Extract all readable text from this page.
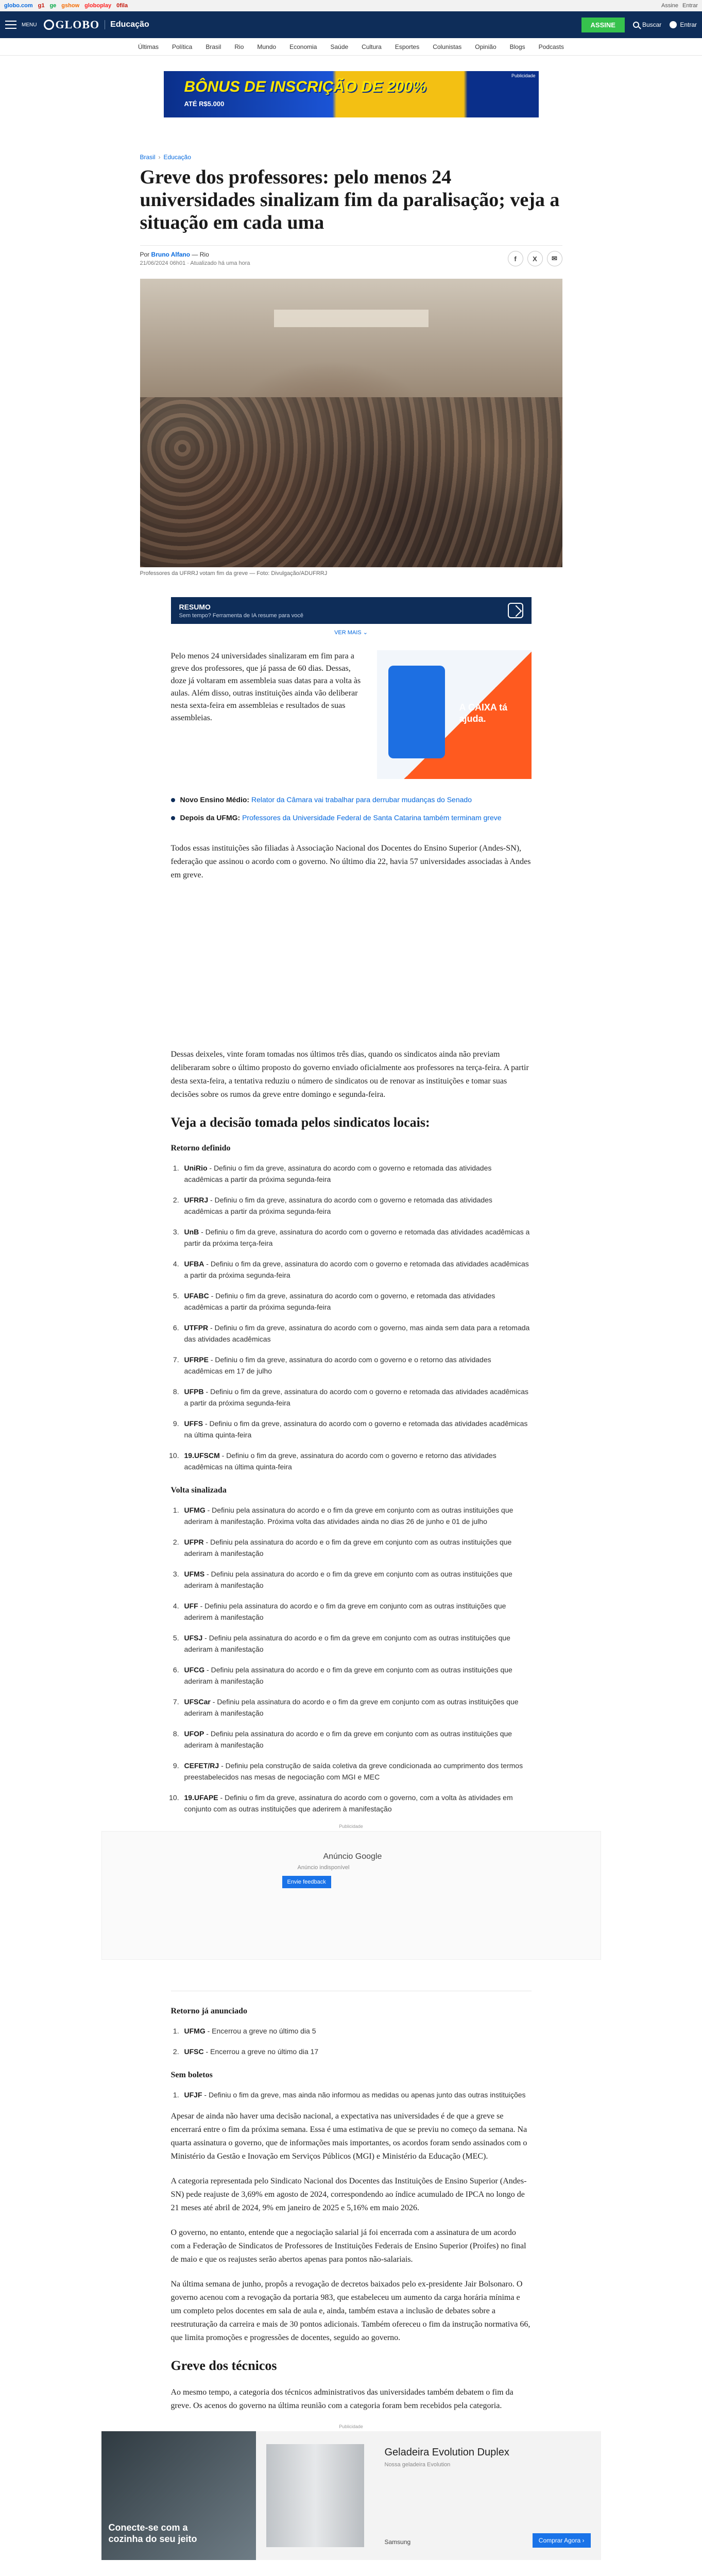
globo.com g1 ge gshow globoplay 0fila	Assine Entrar
MENU	GLOBO	Educação	ASSINE	Buscar	Entrar
Últimas Política Brasil Rio Mundo Economia Saúde Cultura Esportes Colunistas Opinião Blogs Podcasts
BÔNUS DE INSCRIÇÃO DE 200%
ATÉ R$5.000
Publicidade
Brasil › Educação
Greve dos professores: pelo menos 24 universidades sinalizam fim da paralisação; veja a situação em cada uma
Por Bruno Alfano — Rio
21/06/2024 06h01 · Atualizado há uma hora
f	X	✉

Professores da UFRRJ votam fim da greve — Foto: Divulgação/ADUFRRJ

RESUMO
Sem tempo? Ferramenta de IA resume para você
VER MAIS ⌄

Pelo menos 24 universidades sinalizaram em fim para a greve dos professores, que já passa de 60 dias. Dessas, doze já voltaram em assembleia suas datas para a volta às aulas. Além disso, outras instituições ainda vão deliberar nesta sexta-feira em assembleias e resultados de suas assembleias.

A CAIXA tá ajuda.
Novo Ensino Médio: Relator da Câmara vai trabalhar para derrubar mudanças do Senado
Depois da UFMG: Professores da Universidade Federal de Santa Catarina também terminam greve

Todos essas instituições são filiadas à Associação Nacional dos Docentes do Ensino Superior (Andes-SN), federação que assinou o acordo com o governo. No último dia 22, havia 57 universidades associadas à Andes em greve.

Dessas deixeles, vinte foram tomadas nos últimos três dias, quando os sindicatos ainda não previam deliberaram sobre o último proposto do governo enviado oficialmente aos professores na terça-feira. A partir desta sexta-feira, a tentativa reduziu o número de sindicatos ou de renovar as instituições e tomar suas decisões sobre os rumos da greve entre domingo e segunda-feira.

Veja a decisão tomada pelos sindicatos locais:
Retorno definido
1. UniRio - Definiu o fim da greve, assinatura do acordo com o governo e retomada das atividades acadêmicas a partir da próxima segunda-feira
2. UFRRJ - Definiu o fim da greve, assinatura do acordo com o governo e retomada das atividades acadêmicas a partir da próxima segunda-feira
3. UnB - Definiu o fim da greve, assinatura do acordo com o governo e retomada das atividades acadêmicas a partir da próxima terça-feira
4. UFBA - Definiu o fim da greve, assinatura do acordo com o governo e retomada das atividades acadêmicas a partir da próxima segunda-feira
5. UFABC - Definiu o fim da greve, assinatura do acordo com o governo, e retomada das atividades acadêmicas a partir da próxima segunda-feira
6. UTFPR - Definiu o fim da greve, assinatura do acordo com o governo, mas ainda sem data para a retomada das atividades acadêmicas
7. UFRPE - Definiu o fim da greve, assinatura do acordo com o governo e o retorno das atividades acadêmicas em 17 de julho
8. UFPB - Definiu o fim da greve, assinatura do acordo com o governo e retomada das atividades acadêmicas a partir da próxima segunda-feira
9. UFFS - Definiu o fim da greve, assinatura do acordo com o governo e retomada das atividades acadêmicas na última quinta-feira
10. 19.UFSCM - Definiu o fim da greve, assinatura do acordo com o governo e retorno das atividades acadêmicas na última quinta-feira
Volta sinalizada
1. UFMG - Definiu pela assinatura do acordo e o fim da greve em conjunto com as outras instituições que aderiram à manifestação. Próxima volta das atividades ainda no dias 26 de junho e 01 de julho
2. UFPR - Definiu pela assinatura do acordo e o fim da greve em conjunto com as outras instituições que aderiram à manifestação
3. UFMS - Definiu pela assinatura do acordo e o fim da greve em conjunto com as outras instituições que aderiram à manifestação
4. UFF - Definiu pela assinatura do acordo e o fim da greve em conjunto com as outras instituições que aderirem à manifestação
5. UFSJ - Definiu pela assinatura do acordo e o fim da greve em conjunto com as outras instituições que aderiram à manifestação
6. UFCG - Definiu pela assinatura do acordo e o fim da greve em conjunto com as outras instituições que aderiram à manifestação
7. UFSCar - Definiu pela assinatura do acordo e o fim da greve em conjunto com as outras instituições que aderiram à manifestação
8. UFOP - Definiu pela assinatura do acordo e o fim da greve em conjunto com as outras instituições que aderiram à manifestação
9. CEFET/RJ - Definiu pela construção de saída coletiva da greve condicionada ao cumprimento dos termos preestabelecidos nas mesas de negociação com MGI e MEC
10. 19.UFAPE - Definiu o fim da greve, assinatura do acordo com o governo, com a volta às atividades em conjunto com as outras instituições que aderirem à manifestação
Publicidade
Anúncio Google
Anúncio indisponível
Envie feedback
Retorno já anunciado
1. UFMG - Encerrou a greve no último dia 5
2. UFSC - Encerrou a greve no último dia 17
Sem boletos
1. UFJF - Definiu o fim da greve, mas ainda não informou as medidas ou apenas junto das outras instituições

Apesar de ainda não haver uma decisão nacional, a expectativa nas universidades é de que a greve se encerrará entre o fim da próxima semana. Essa é uma estimativa de que se previu no começo da semana. Na quarta assinatura o governo, que de informações mais importantes, os acordos foram sendo assinados com o Ministério da Gestão e Inovação em Serviços Públicos (MGI) e Ministério da Educação (MEC).

A categoria representada pelo Sindicato Nacional dos Docentes das Instituições de Ensino Superior (Andes-SN) pede reajuste de 3,69% em agosto de 2024, correspondendo ao índice acumulado de IPCA no longo de 21 meses até abril de 2024, 9% em janeiro de 2025 e 5,16% em maio 2026.

O governo, no entanto, entende que a negociação salarial já foi encerrada com a assinatura de um acordo com a Federação de Sindicatos de Professores de Instituições Federais de Ensino Superior (Proifes) no final de maio e que os reajustes serão abertos apenas para pontos não-salariais.

Na última semana de junho, propôs a revogação de decretos baixados pelo ex-presidente Jair Bolsonaro. O governo acenou com a revogação da portaria 983, que estabeleceu um aumento da carga horária mínima e um completo pelos docentes em sala de aula e, ainda, também estava a inclusão de debates sobre a reestruturação da carreira e mais de 30 pontos adicionais. Também ofereceu o fim da instrução normativa 66, que limita promoções e progressões de docentes, seguido ao governo.

Greve dos técnicos

Ao mesmo tempo, a categoria dos técnicos administrativos das universidades também debatem o fim da greve. Os acenos do governo na última reunião com a categoria foram bem recebidos pela categoria.

Publicidade
Conecte-se com a cozinha do seu jeito
Geladeira Evolution Duplex
Nossa geladeira Evolution
Samsung	Comprar Agora ›
